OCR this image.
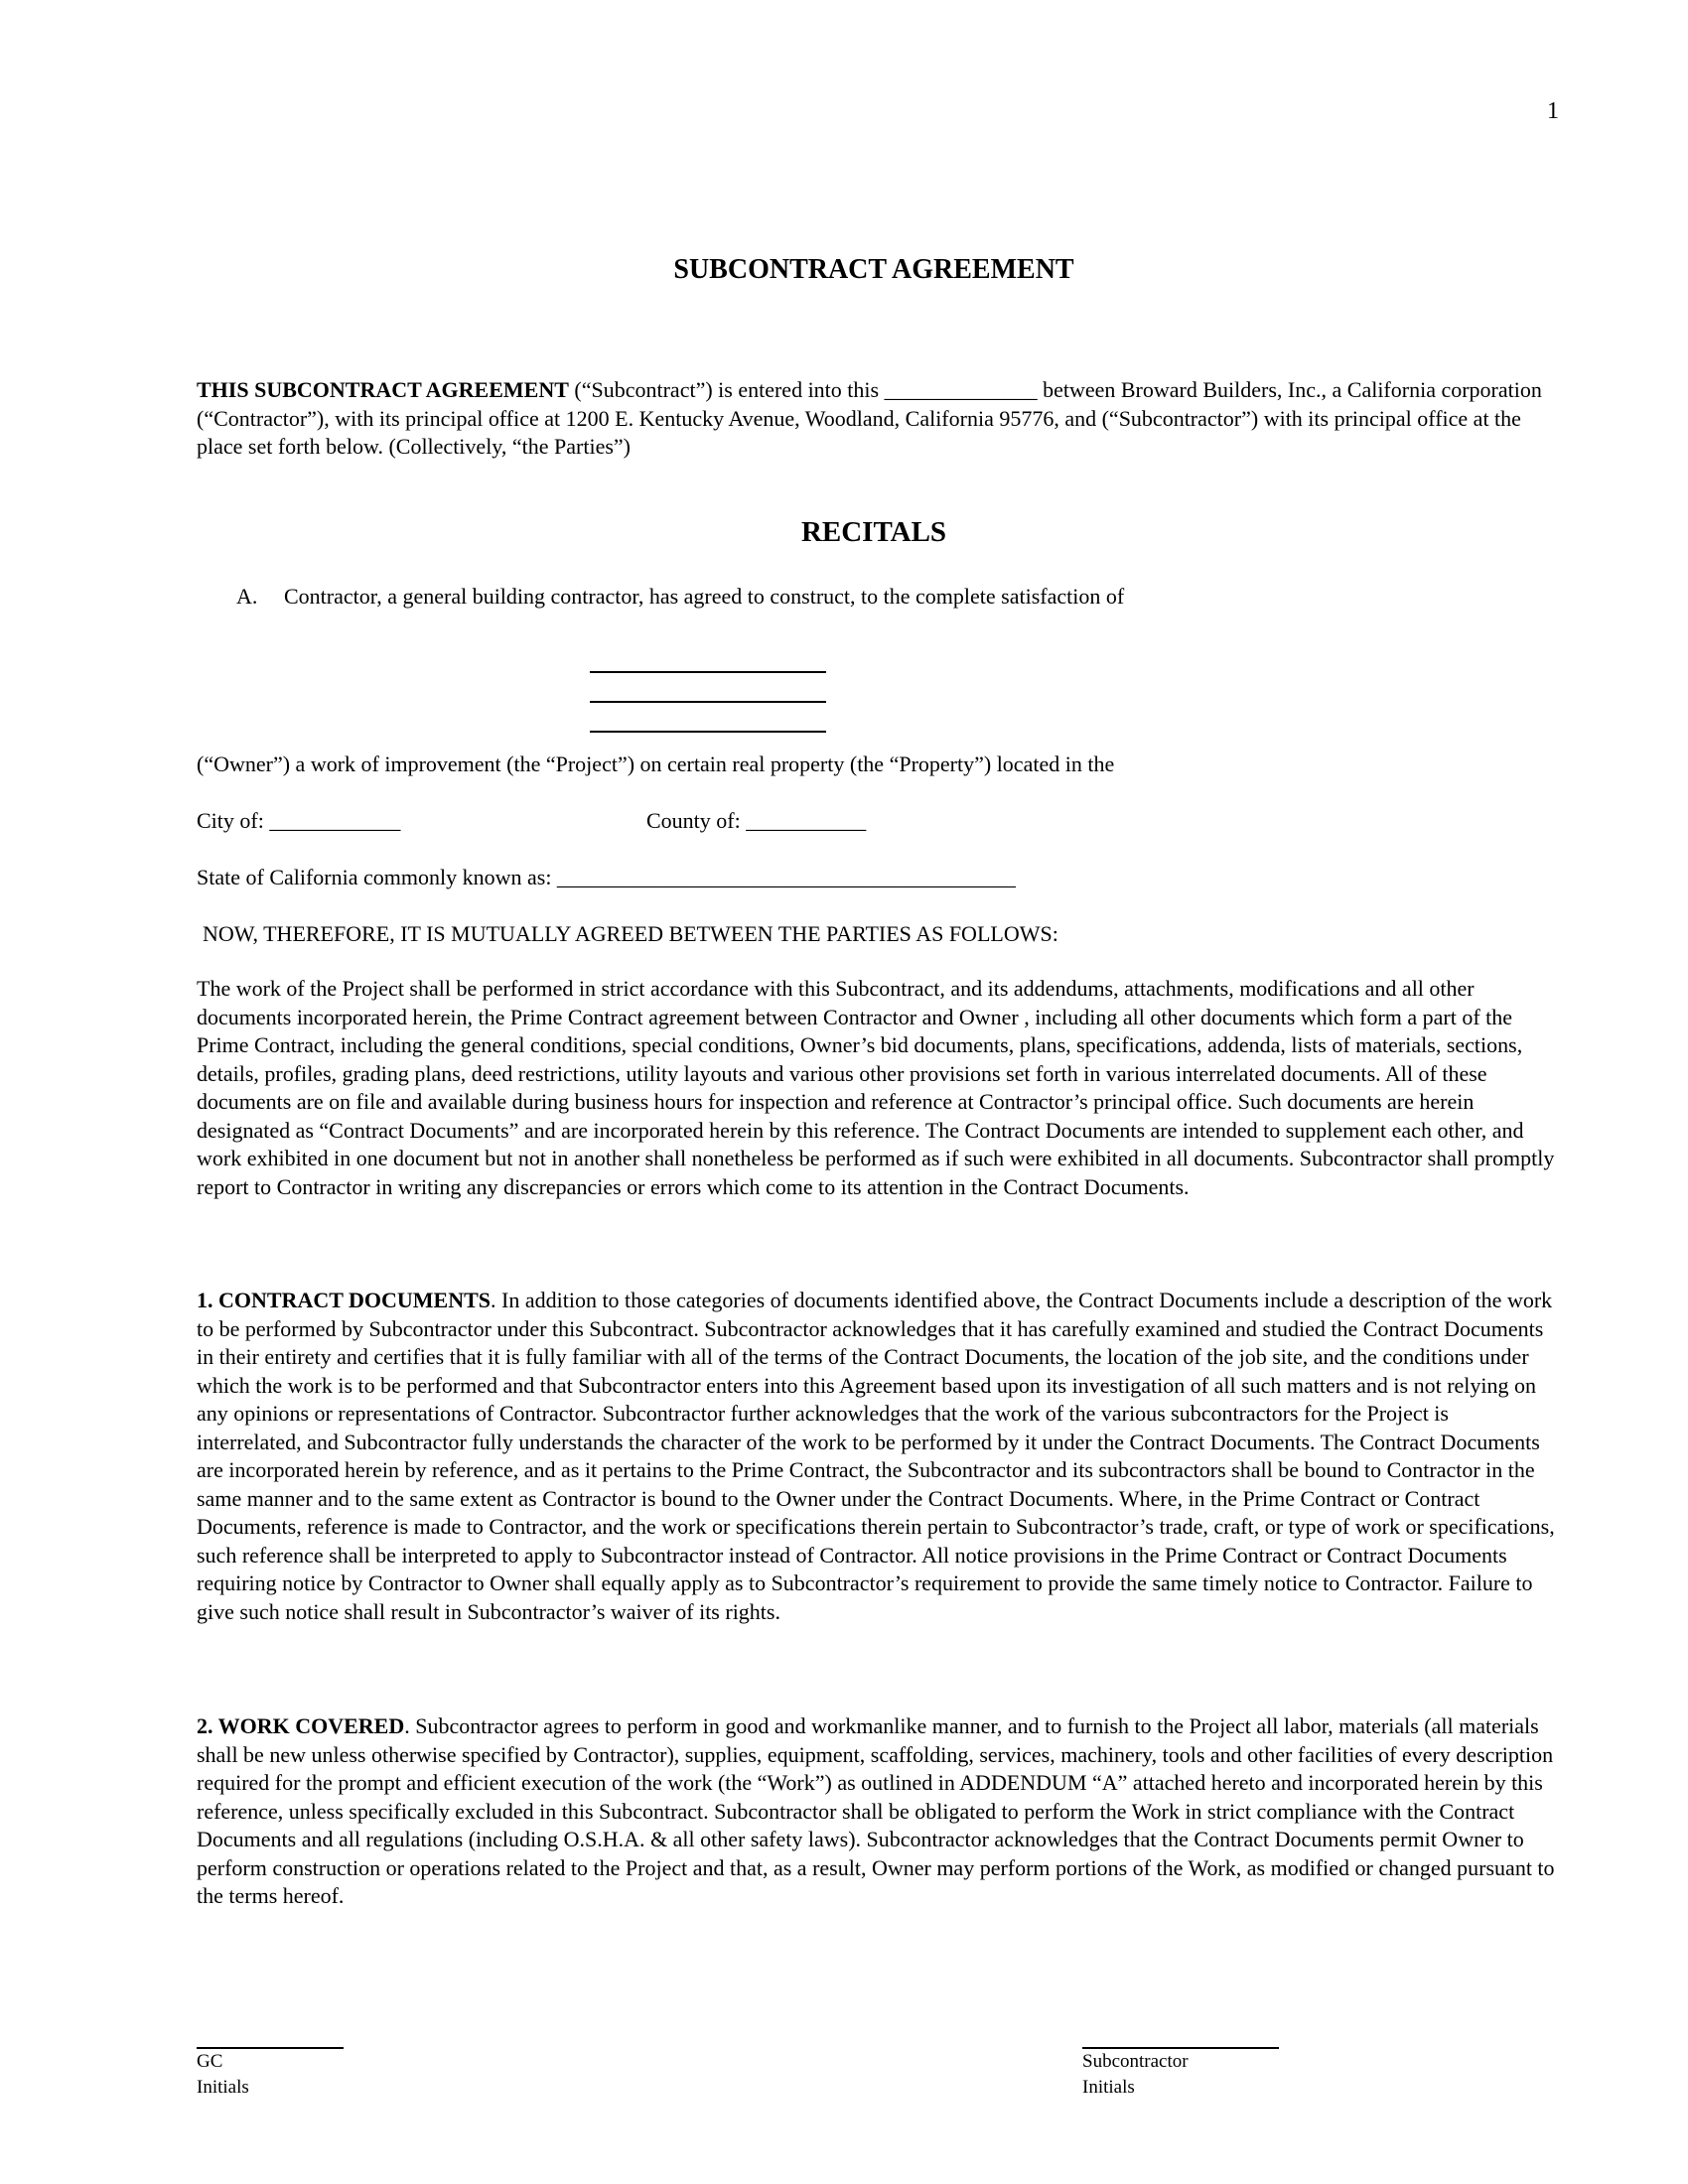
1
SUBCONTRACT AGREEMENT
THIS SUBCONTRACT AGREEMENT (“Subcontract”) is entered into this ______________ between Broward Builders, Inc., a California corporation (“Contractor”), with its principal office at 1200 E. Kentucky Avenue, Woodland, California 95776, and (“Subcontractor”) with its principal office at the place set forth below. (Collectively, “the Parties”)
RECITALS
A. Contractor, a general building contractor, has agreed to construct, to the complete satisfaction of
(“Owner”) a work of improvement (the “Project”) on certain real property (the “Property”) located in the
City of: ____________	County of: ___________
State of California commonly known as: __________________________________________
NOW, THEREFORE, IT IS MUTUALLY AGREED BETWEEN THE PARTIES AS FOLLOWS:
The work of the Project shall be performed in strict accordance with this Subcontract, and its addendums, attachments, modifications and all other documents incorporated herein, the Prime Contract agreement between Contractor and Owner , including all other documents which form a part of the Prime Contract, including the general conditions, special conditions, Owner’s bid documents, plans, specifications, addenda, lists of materials, sections, details, profiles, grading plans, deed restrictions, utility layouts and various other provisions set forth in various interrelated documents. All of these documents are on file and available during business hours for inspection and reference at Contractor’s principal office. Such documents are herein designated as “Contract Documents” and are incorporated herein by this reference. The Contract Documents are intended to supplement each other, and work exhibited in one document but not in another shall nonetheless be performed as if such were exhibited in all documents. Subcontractor shall promptly report to Contractor in writing any discrepancies or errors which come to its attention in the Contract Documents.
1. CONTRACT DOCUMENTS. In addition to those categories of documents identified above, the Contract Documents include a description of the work to be performed by Subcontractor under this Subcontract. Subcontractor acknowledges that it has carefully examined and studied the Contract Documents in their entirety and certifies that it is fully familiar with all of the terms of the Contract Documents, the location of the job site, and the conditions under which the work is to be performed and that Subcontractor enters into this Agreement based upon its investigation of all such matters and is not relying on any opinions or representations of Contractor. Subcontractor further acknowledges that the work of the various subcontractors for the Project is interrelated, and Subcontractor fully understands the character of the work to be performed by it under the Contract Documents. The Contract Documents are incorporated herein by reference, and as it pertains to the Prime Contract, the Subcontractor and its subcontractors shall be bound to Contractor in the same manner and to the same extent as Contractor is bound to the Owner under the Contract Documents. Where, in the Prime Contract or Contract Documents, reference is made to Contractor, and the work or specifications therein pertain to Subcontractor’s trade, craft, or type of work or specifications, such reference shall be interpreted to apply to Subcontractor instead of Contractor. All notice provisions in the Prime Contract or Contract Documents requiring notice by Contractor to Owner shall equally apply as to Subcontractor’s requirement to provide the same timely notice to Contractor. Failure to give such notice shall result in Subcontractor’s waiver of its rights.
2. WORK COVERED. Subcontractor agrees to perform in good and workmanlike manner, and to furnish to the Project all labor, materials (all materials shall be new unless otherwise specified by Contractor), supplies, equipment, scaffolding, services, machinery, tools and other facilities of every description required for the prompt and efficient execution of the work (the “Work”) as outlined in ADDENDUM “A” attached hereto and incorporated herein by this reference, unless specifically excluded in this Subcontract. Subcontractor shall be obligated to perform the Work in strict compliance with the Contract Documents and all regulations (including O.S.H.A. & all other safety laws). Subcontractor acknowledges that the Contract Documents permit Owner to perform construction or operations related to the Project and that, as a result, Owner may perform portions of the Work, as modified or changed pursuant to the terms hereof.
GC
Initials
Subcontractor
Initials
